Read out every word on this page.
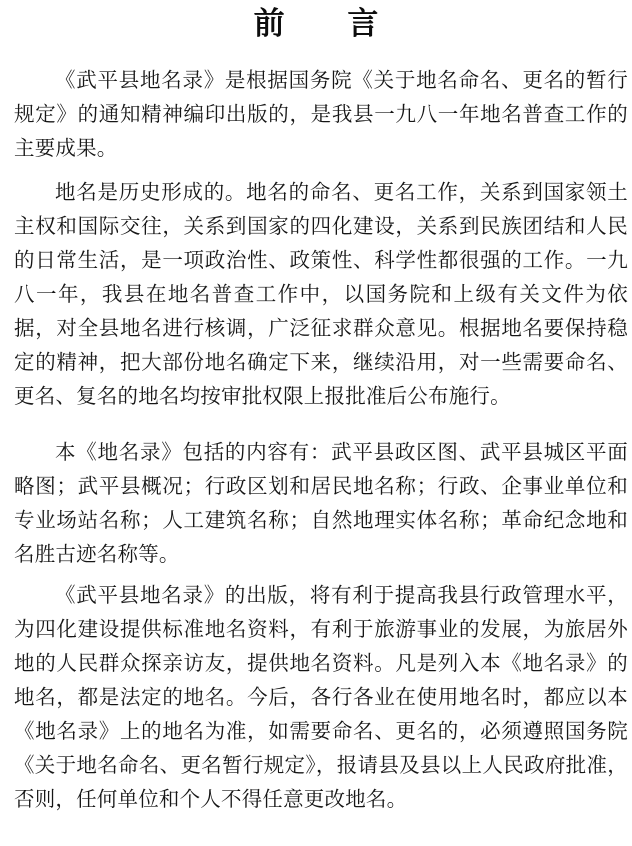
前 言

《武平县地名录》是根据国务院《关于地名命名、更名的暂行规定》的通知精神编印出版的，是我县一九八一年地名普查工作的主要成果。

地名是历史形成的。地名的命名、更名工作，关系到国家领土主权和国际交往，关系到国家的四化建设，关系到民族团结和人民的日常生活，是一项政治性、政策性、科学性都很强的工作。一九八一年，我县在地名普查工作中，以国务院和上级有关文件为依据，对全县地名进行核调，广泛征求群众意见。根据地名要保持稳定的精神，把大部份地名确定下来，继续沿用，对一些需要命名、更名、复名的地名均按审批权限上报批准后公布施行。

本《地名录》包括的内容有：武平县政区图、武平县城区平面略图；武平县概况；行政区划和居民地名称；行政、企事业单位和专业场站名称；人工建筑名称；自然地理实体名称；革命纪念地和名胜古迹名称等。

《武平县地名录》的出版，将有利于提高我县行政管理水平，为四化建设提供标准地名资料，有利于旅游事业的发展，为旅居外地的人民群众探亲访友，提供地名资料。凡是列入本《地名录》的地名，都是法定的地名。今后，各行各业在使用地名时，都应以本《地名录》上的地名为准，如需要命名、更名的，必须遵照国务院《关于地名命名、更名暂行规定》，报请县及县以上人民政府批准，否则，任何单位和个人不得任意更改地名。
